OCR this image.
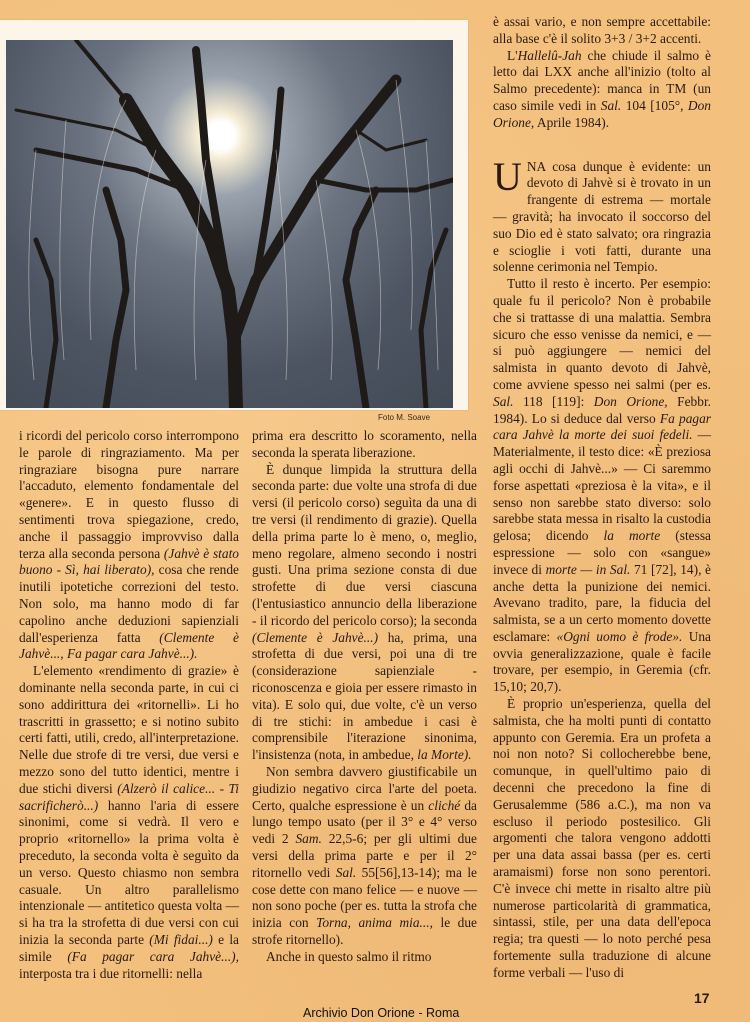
Foto M. Soave

i ricordi del pericolo corso interrompono le parole di ringraziamento. Ma per ringraziare bisogna pure narrare l'accaduto, elemento fondamentale del «genere». E in questo flusso di sentimenti trova spiegazione, credo, anche il passaggio improvviso dalla terza alla seconda persona (Jahvè è stato buono - Sì, hai liberato), cosa che rende inutili ipotetiche correzioni del testo. Non solo, ma hanno modo di far capolino anche deduzioni sapienziali dall'esperienza fatta (Clemente è Jahvè..., Fa pagar cara Jahvè...).

L'elemento «rendimento di grazie» è dominante nella seconda parte, in cui ci sono addirittura dei «ritornelli». Li ho trascritti in grassetto; e si notino subito certi fatti, utili, credo, all'interpretazione. Nelle due strofe di tre versi, due versi e mezzo sono del tutto identici, mentre i due stichi diversi (Alzerò il calice... - Ti sacrificherò...) hanno l'aria di essere sinonimi, come si vedrà. Il vero e proprio «ritornello» la prima volta è preceduto, la seconda volta è seguìto da un verso. Questo chiasmo non sembra casuale. Un altro parallelismo intenzionale — antitetico questa volta — si ha tra la strofetta di due versi con cui inizia la seconda parte (Mi fidai...) e la simile (Fa pagar cara Jahvè...), interposta tra i due ritornelli: nella

prima era descritto lo scoramento, nella seconda la sperata liberazione.

È dunque limpida la struttura della seconda parte: due volte una strofa di due versi (il pericolo corso) seguìta da una di tre versi (il rendimento di grazie). Quella della prima parte lo è meno, o, meglio, meno regolare, almeno secondo i nostri gusti. Una prima sezione consta di due strofette di due versi ciascuna (l'entusiastico annuncio della liberazione - il ricordo del pericolo corso); la seconda (Clemente è Jahvè...) ha, prima, una strofetta di due versi, poi una di tre (considerazione sapienziale - riconoscenza e gioia per essere rimasto in vita). E solo qui, due volte, c'è un verso di tre stichi: in ambedue i casi è comprensibile l'iterazione sinonima, l'insistenza (nota, in ambedue, la Morte).

Non sembra davvero giustificabile un giudizio negativo circa l'arte del poeta. Certo, qualche espressione è un cliché da lungo tempo usato (per il 3° e 4° verso vedi 2 Sam. 22,5-6; per gli ultimi due versi della prima parte e per il 2° ritornello vedi Sal. 55[56],13-14); ma le cose dette con mano felice — e nuove — non sono poche (per es. tutta la strofa che inizia con Torna, anima mia..., le due strofe ritornello).

Anche in questo salmo il ritmo

è assai vario, e non sempre accettabile: alla base c'è il solito 3+3 / 3+2 accenti.

L'Hallelû-Jah che chiude il salmo è letto dai LXX anche all'inizio (tolto al Salmo precedente): manca in TM (un caso simile vedi in Sal. 104 [105°, Don Orione, Aprile 1984).

UNA cosa dunque è evidente: un devoto di Jahvè si è trovato in un frangente di estrema — mortale — gravità; ha invocato il soccorso del suo Dio ed è stato salvato; ora ringrazia e scioglie i voti fatti, durante una solenne cerimonia nel Tempio.

Tutto il resto è incerto. Per esempio: quale fu il pericolo? Non è probabile che si trattasse di una malattia. Sembra sicuro che esso venisse da nemici, e — si può aggiungere — nemici del salmista in quanto devoto di Jahvè, come avviene spesso nei salmi (per es. Sal. 118 [119]: Don Orione, Febbr. 1984). Lo si deduce dal verso Fa pagar cara Jahvè la morte dei suoi fedeli. — Materialmente, il testo dice: «È preziosa agli occhi di Jahvè...» — Ci saremmo forse aspettati «preziosa è la vita», e il senso non sarebbe stato diverso: solo sarebbe stata messa in risalto la custodia gelosa; dicendo la morte (stessa espressione — solo con «sangue» invece di morte — in Sal. 71 [72], 14), è anche detta la punizione dei nemici. Avevano tradito, pare, la fiducia del salmista, se a un certo momento dovette esclamare: «Ogni uomo è frode». Una ovvia generalizzazione, quale è facile trovare, per esempio, in Geremia (cfr. 15,10; 20,7).

È proprio un'esperienza, quella del salmista, che ha molti punti di contatto appunto con Geremia. Era un profeta a noi non noto? Si collocherebbe bene, comunque, in quell'ultimo paio di decenni che precedono la fine di Gerusalemme (586 a.C.), ma non va escluso il periodo postesilico. Gli argomenti che talora vengono addotti per una data assai bassa (per es. certi aramaismi) forse non sono perentori. C'è invece chi mette in risalto altre più numerose particolarità di grammatica, sintassi, stile, per una data dell'epoca regia; tra questi — lo noto perché pesa fortemente sulla traduzione di alcune forme verbali — l'uso di

17
Archivio Don Orione - Roma
